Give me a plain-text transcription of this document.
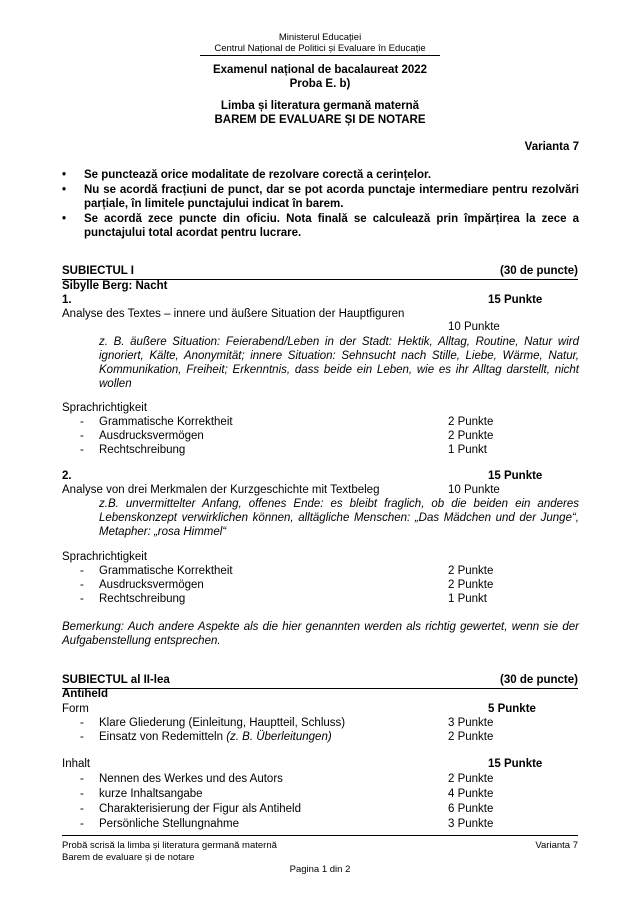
Ministerul Educației
Centrul Național de Politici și Evaluare în Educație
Examenul național de bacalaureat 2022
Proba E. b)
Limba și literatura germană maternă
BAREM DE EVALUARE ȘI DE NOTARE
Varianta 7
• Se punctează orice modalitate de rezolvare corectă a cerințelor.
• Nu se acordă fracțiuni de punct, dar se pot acorda punctaje intermediare pentru rezolvări parțiale, în limitele punctajului indicat în barem.
• Se acordă zece puncte din oficiu. Nota finală se calculează prin împărțirea la zece a punctajului total acordat pentru lucrare.
SUBIECTUL I	(30 de puncte)
Sibylle Berg: Nacht
1.	15 Punkte
Analyse des Textes – innere und äußere Situation der Hauptfiguren
10 Punkte
z. B. äußere Situation: Feierabend/Leben in der Stadt: Hektik, Alltag, Routine, Natur wird ignoriert, Kälte, Anonymität; innere Situation: Sehnsucht nach Stille, Liebe, Wärme, Natur, Kommunikation, Freiheit; Erkenntnis, dass beide ein Leben, wie es ihr Alltag darstellt, nicht wollen
Sprachrichtigkeit
- Grammatische Korrektheit	2 Punkte
- Ausdrucksvermögen	2 Punkte
- Rechtschreibung	1 Punkt
2.	15 Punkte
Analyse von drei Merkmalen der Kurzgeschichte mit Textbeleg	10 Punkte
z.B. unvermittelter Anfang, offenes Ende: es bleibt fraglich, ob die beiden ein anderes Lebenskonzept verwirklichen können, alltägliche Menschen: „Das Mädchen und der Junge“, Metapher: „rosa Himmel“
Sprachrichtigkeit
- Grammatische Korrektheit	2 Punkte
- Ausdrucksvermögen	2 Punkte
- Rechtschreibung	1 Punkt
Bemerkung: Auch andere Aspekte als die hier genannten werden als richtig gewertet, wenn sie der Aufgabenstellung entsprechen.
SUBIECTUL al II-lea	(30 de puncte)
Antiheld
Form	5 Punkte
- Klare Gliederung (Einleitung, Hauptteil, Schluss)	3 Punkte
- Einsatz von Redemitteln (z. B. Überleitungen)	2 Punkte
Inhalt	15 Punkte
- Nennen des Werkes und des Autors	2 Punkte
- kurze Inhaltsangabe	4 Punkte
- Charakterisierung der Figur als Antiheld	6 Punkte
- Persönliche Stellungnahme	3 Punkte
Probă scrisă la limba și literatura germană maternă	Varianta 7
Barem de evaluare și de notare
Pagina 1 din 2
